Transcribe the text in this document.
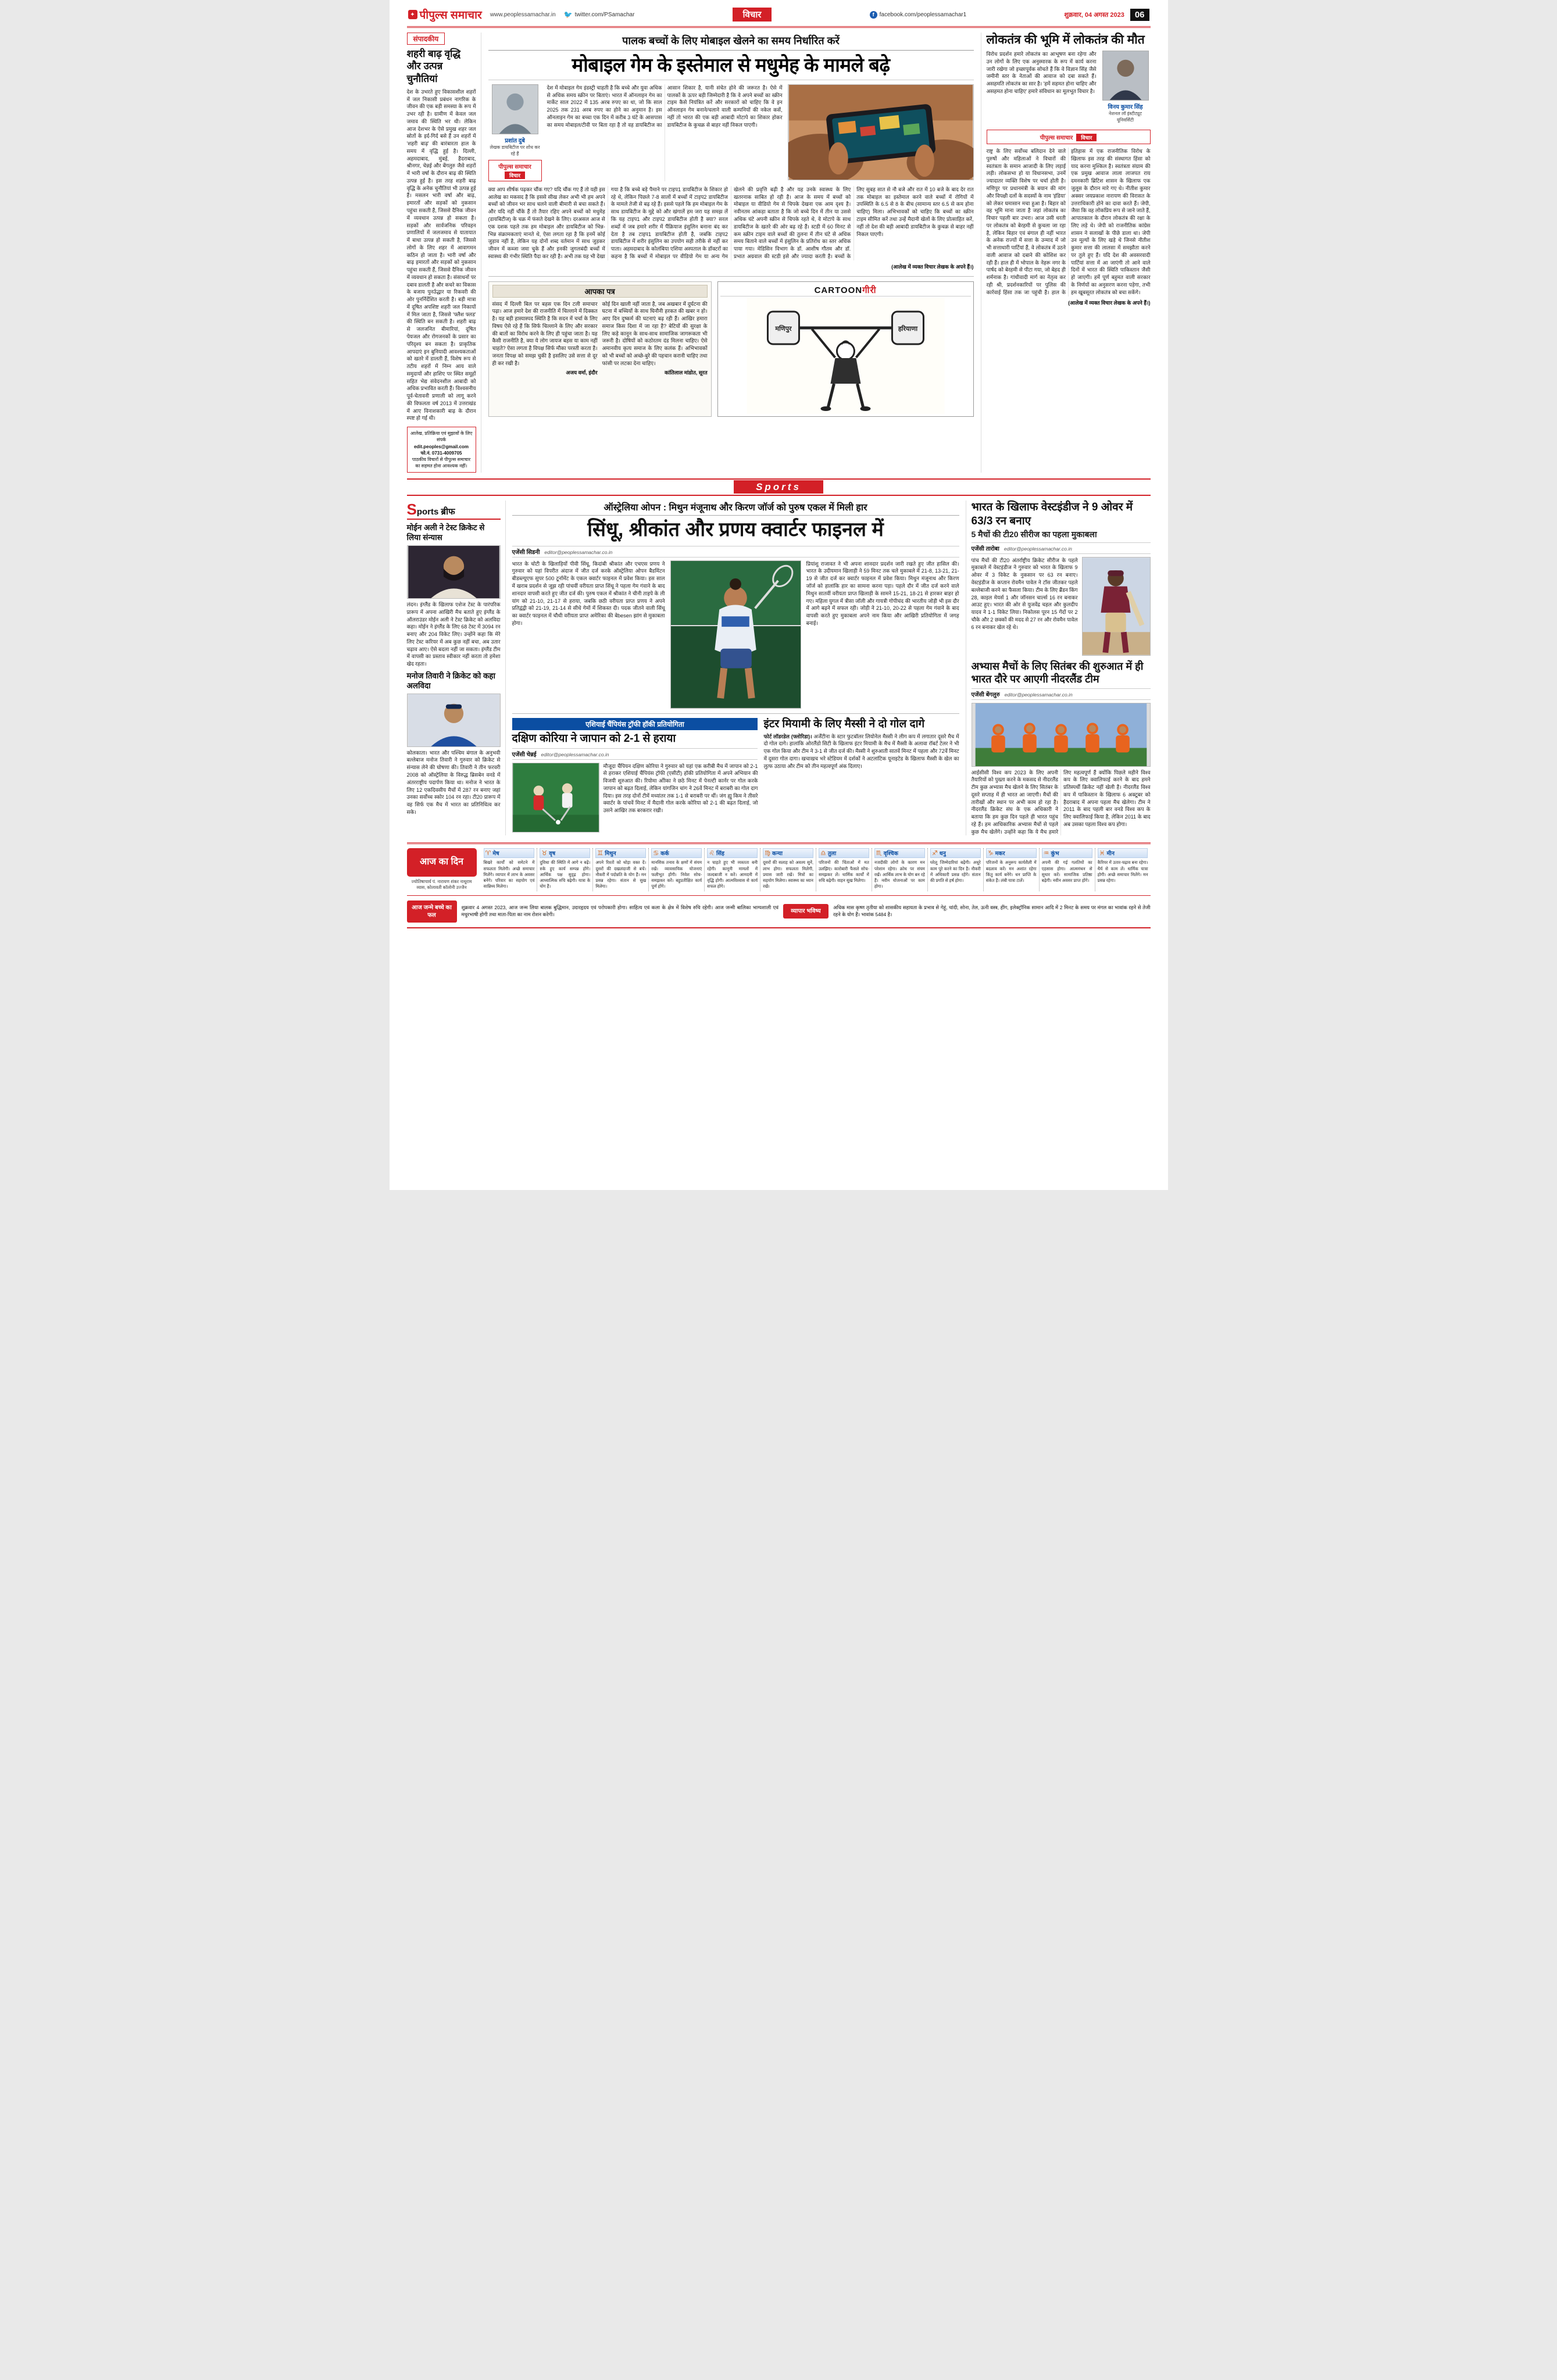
✦ पीपुल्स समाचार www.peoplessamachar.in 🐦 twitter.com/PSamachar	विचार	f facebook.com/peoplessamachar1	शुक्रवार, 04 अगस्त 2023	06
संपादकीय
शहरी बाढ़ वृद्धि और उत्पन्न चुनौतियां
देश के उभरते हुए विकासशील शहरों में जल निकासी प्रबंधन नागरिक के जीवन की एक बड़ी समस्या के रूप में उभर रही है। ग्रामीण में केवल जल जमाव की स्थिति भर थी। लेकिन आज देशभर के ऐसे प्रमुख शहर जल स्रोतों के इर्द-गिर्द बसे हैं उन शहरों में 'शहरी बाढ़' की बारंबारता हाल के समय में वृद्धि हुई है। दिल्ली, अहमदाबाद, मुंबई, हैदराबाद, श्रीनगर, चेन्नई और बेंगलुरु जैसे शहरों में भारी वर्षा के दौरान बाढ़ की स्थिति उत्पन्न हुई है। इस तरह शहरी बाढ़ वृद्धि के अनेक चुनौतियां भी उत्पन्न हुई हैं। मसलन भारी वर्षा और बाढ़, इमारतों और सड़कों को नुकसान पहुंचा सकती है, जिससे दैनिक जीवन में व्यवधान उत्पन्न हो सकता है। सड़कों और सार्वजनिक परिवहन प्रणालियों में जलजमाव से यातायात में बाधा उत्पन्न हो सकती है, जिससे लोगों के लिए शहर में आवागमन कठिन हो जाता है। भारी वर्षा और बाढ़ इमारतों और सड़कों को नुकसान पहुंचा सकती हैं, जिससे दैनिक जीवन में व्यवधान हो सकता है। संसाधनों पर दबाव डालती है और कचरे का विकास के बजाय पुनर्उद्धार या रिकवरी की ओर पुनर्निर्देशित करती है। बड़ी मात्रा में दूषित अपशिष्ट शहरी जल निकायों में मिल जाता है, जिससे 'फ्लैश फ्लड' की स्थिति बन सकती है। शहरी बाढ़ से जलजनित बीमारियां, दूषित पेयजल और रोगजनकों के प्रसार का परिदृश्य बन सकता है। प्राकृतिक आपदाएं इन बुनियादी आवश्यकताओं को खतरे में डालती हैं, विशेष रूप से तटीय शहरों में निम्न आय वाले समुदायों और हाशिए पर स्थित समूहों सहित भेद्य संवेदनशील आबादी को अधिक प्रभावित करती हैं। विश्वसनीय पूर्व-चेतावनी प्रणाली को लागू करने की विफलता वर्ष 2013 में उत्तराखंड में आए विनाशकारी बाढ़ के दौरान स्पष्ट हो गई थी।
आलेख, प्रतिक्रिया एवं सुझावों के लिए संपर्क
edit.peoples@gmail.com फो.नं. 0731-4009705
पाठकीय विचारों से पीपुल्स समाचार का सहमत होना आवश्यक नहीं।
पालक बच्चों के लिए मोबाइल खेलने का समय निर्धारित करें
मोबाइल गेम के इस्तेमाल से मधुमेह के मामले बढ़े
प्रशांत दुबे
लेखक डायबिटीज पर शोध कर रहे हैं
पीपुल्स समाचार
विचार
देश में मोबाइल गेम इंडस्ट्री चाहती है कि बच्चे और युवा अधिक से अधिक समय स्क्रीन पर बिताएं। भारत में ऑनलाइन गेम का मार्केट साल 2022 में 135 अरब रुपए का था, जो कि साल 2025 तक 231 अरब रुपए का होने का अनुमान है। इस ऑनलाइन गेम का बच्चा एक दिन में करीब 3 घंटे के आसपास का समय मोबाइल/टीवी पर बिता रहा है तो वह डायबिटीज का आसान शिकार है, यानी संचेत होने की जरूरत है। ऐसे में पालकों के ऊपर बड़ी जिम्मेदारी है कि वे अपने बच्चों का स्क्रीन टाइम कैसे नियंत्रित करें और सरकारों को चाहिए कि वे इन ऑनलाइन गेम बनाने/चलाने वाली कम्पनियों की नकेल कसें, नहीं तो भारत की एक बड़ी आबादी मोटापे का शिकार होकर डायबिटीज के कुचक्र से बाहर नहीं निकल पाएगी।
क्या आप शीर्षक पढ़कर चौंक गए? यदि चौंक गए हैं तो यही इस आलेख का मकसद है कि इससे सीख लेकर अभी भी हम अपने बच्चों को जीवन भर साथ चलने वाली बीमारी से बचा सकते हैं। और यदि नहीं चौंके हैं तो तैयार रहिए अपने बच्चों को मधुमेह (डायबिटीज) के चक्र में फंसते देखने के लिए। दरअसल आज से एक दशक पहले तक हम मोबाइल और डायबिटीज को भिन्न-भिन्न संक्रामकताएं मानते थे, ऐसा लगता रहा है कि इनमें कोई जुड़ाव नहीं है, लेकिन यह दोनों शब्द वर्तमान में साथ जुड़कर जीवन में कब्जा जमा चुके हैं और इनकी जुगलबंदी बच्चों में स्वास्थ्य की गंभीर स्थिति पैदा कर रही है। अभी तक यह भी देखा गया है कि बच्चे बड़े पैमाने पर टाइप1 डायबिटीज के शिकार हो रहे थे, लेकिन पिछले 7-8 सालों में बच्चों में टाइप2 डायबिटीज के मामले तेजी से बढ़ रहे हैं। इससे पहले कि हम मोबाइल गेम के साथ डायबिटीज के मुद्दे को और खंगालें हम जरा यह समझ लें कि यह टाइप1 और टाइप2 डायबिटीज होती है क्या? सरल शब्दों में जब हमारे शरीर में पैंक्रियाज इंसुलिन बनाना बंद कर देता है तब टाइप1 डायबिटीज होती है, जबकि टाइप2 डायबिटीज में शरीर इंसुलिन का उपयोग सही तरीके से नहीं कर पाता। अहमदाबाद के कोलंबिया एशिया अस्पताल के डॉक्टरों का कहना है कि बच्चों में मोबाइल पर वीडियो गेम या अन्य गेम खेलने की प्रवृत्ति बढ़ी है और यह उनके स्वास्थ्य के लिए खतरनाक साबित हो रही है। आज के समय में बच्चों को मोबाइल या वीडियो गेम से चिपके देखना एक आम दृश्य है। नवीनतम आंकड़ा बताता है कि जो बच्चे दिन में तीन या उससे अधिक घंटे अपनी स्क्रीन से चिपके रहते थे, वे मोटापे के साथ डायबिटीज के खतरे की ओर बढ़ रहे हैं। स्टडी में 60 मिनट से कम स्क्रीन टाइम वाले बच्चों की तुलना में तीन घंटे से अधिक समय बिताने वाले बच्चों में इंसुलिन के प्रतिरोध का स्तर अधिक पाया गया। मेडिसिन विभाग के डॉ. आशीष गौतम और डॉ. प्रभात अग्रवाल की स्टडी इसे और ज्यादा करती है। बच्चों के लिए सुबह सात से नौ बजे और रात में 10 बजे के बाद देर रात तक मोबाइल का इस्तेमाल करने वाले बच्चों में रोगियों में उपस्थिति के 6.5 से 8 के बीच (सामान्य स्तर 6.5 से कम होना चाहिए) मिला। अभिभावकों को चाहिए कि बच्चों का स्क्रीन टाइम सीमित करें तथा उन्हें मैदानी खेलों के लिए प्रोत्साहित करें, नहीं तो देश की बड़ी आबादी डायबिटीज के कुचक्र से बाहर नहीं निकल पाएगी।
(आलेख में व्यक्त विचार लेखक के अपने हैं।)
आपका पत्र

संसद में दिल्ली बिल पर बहस एक दिन टली समाचार पढ़ा। आज हमारे देश की राजनीति में चिल्लाने में दिक्कत है। यह बड़ी हास्यास्पद स्थिति है कि सदन में चर्चा के लिए विषय ऐसे रहे हैं कि सिर्फ चिल्लाने के लिए और सरकार की बातों का विरोध करने के लिए ही पहुंचा जाता है। यह कैसी राजनीति है, क्या ये लोग जायज बहस या काम नहीं चाहते? ऐसा लगता है विपक्ष सिर्फ मौका परस्ती करता है। जनता विपक्ष को समझ चुकी है इसलिए उसे सत्ता से दूर ही कर रखी है।

अजय वर्मा, इंदौर

कोई दिन खाली नहीं जाता है, जब अखबार में दुर्घटना की घटना में बच्चियों के साथ घिनौनी हरकत की खबर न हो। आए दिन दुष्कर्म की घटनाएं बढ़ रही हैं। आखिर हमारा समाज किस दिशा में जा रहा है? बेटियों की सुरक्षा के लिए कड़े कानून के साथ-साथ सामाजिक जागरूकता भी जरूरी है। दोषियों को कठोरतम दंड मिलना चाहिए। ऐसे अमानवीय कृत्य समाज के लिए कलंक हैं। अभिभावकों को भी बच्चों को अच्छे-बुरे की पहचान करानी चाहिए तथा फांसी पर लटका देना चाहिए।

कांतिलाल मांडोत, सूरत
CARTOONगीरी
मणिपुर	हरियाणा
लोकतंत्र की भूमि में लोकतंत्र की मौत

विरोध प्रदर्शन हमारे लोकतंत्र का आभूषण बना रहेगा और उन लोगों के लिए एक अनुस्मारक के रूप में कार्य करना जारी रखेगा जो इच्छापूर्वक सोचते हैं कि वे विज्ञान सिंह जैसे जमीनी स्तर के नेताओं की आवाज को दबा सकते हैं। असहमति लोकतंत्र का सार है। 'हमें सहमत होना चाहिए और असहमत होना चाहिए' हमारे संविधान का मूलभूत विचार है।

विनय कुमार सिंह
नेशनल लॉ इंस्टीट्यूट यूनिवर्सिटी
पीपुल्स समाचार	विचार
राष्ट्र के लिए सर्वोच्च बलिदान देने वाले पुरुषों और महिलाओं ने विचारों की स्वतंत्रता के समान आजादी के लिए लड़ाई लड़ी। लोकसभा हो या विधानसभा, उनमें ज्यादातर व्यक्ति विशेष पर चर्चा होती है। मणिपुर पर प्रधानमंत्री के बयान की मांग और विपक्षी दलों के सदस्यों के नाम 'इंडिया' को लेकर घमासान मचा हुआ है। बिहार को वह भूमि माना जाता है जहां लोकतंत्र का विचार पहली बार उभरा। आज उसी धरती पर लोकतंत्र को बेरहमी से कुचला जा रहा है, लेकिन बिहार एवं बंगाल ही नहीं भारत के अनेक राज्यों में सत्ता के उन्माद में जो भी सत्ताधारी पार्टियां हैं, वे लोकतंत्र में उठने वाली आवाज को दबाने की कोशिश कर रही हैं। हाल ही में भोपाल के नेहरू नगर के पार्षद को बेरहमी से पीटा गया, जो बेहद ही शर्मनाक है। गांधीवादी मार्ग का नेतृत्व कर रही श्री, प्रदर्शनकारियों पर पुलिस की कार्रवाई हिंसा तक जा पहुंची है। हाल के इतिहास में एक राजनीतिक विरोध के खिलाफ इस तरह की संस्थागत हिंसा को याद करना मुश्किल है। स्वतंत्रता संग्राम की एक प्रमुख आवाज लाला लाजपत राय दमनकारी ब्रिटिश शासन के खिलाफ एक जुलूस के दौरान मारे गए थे। नीतीश कुमार अक्सर जयप्रकाश नारायण की विरासत के उत्तराधिकारी होने का दावा करते हैं। जेपी, जैसा कि वह लोकप्रिय रूप से जाने जाते हैं, आपातकाल के दौरान लोकतंत्र की रक्षा के लिए लड़े थे। जेपी को राजनीतिक कांग्रेस शासन ने सलाखों के पीछे डाला था। जेपी उन मूल्यों के लिए खड़े थे जिनसे नीतीश कुमार सत्ता की लालसा में समझौता करने पर तुले हुए हैं। यदि देश की अवसरवादी पार्टियां सत्ता में आ जाएंगी तो आने वाले दिनों में भारत की स्थिति पाकिस्तान जैसी हो जाएगी। हमें पूर्ण बहुमत वाली सरकार के निर्णयों का अनुसरण करना पड़ेगा, तभी हम खूबसूरत लोकतंत्र को बचा सकेंगे।
(आलेख में व्यक्त विचार लेखक के अपने हैं।)
Sports
Sports ब्रीफ
मोईन अली ने टेस्ट क्रिकेट से लिया संन्यास

लंदन। इंग्लैंड के खिलाफ एशेज टेस्ट के पारंपरिक प्रारूप में अपना आखिरी मैच बताते हुए इंग्लैंड के ऑलराउंडर मोईन अली ने टेस्ट क्रिकेट को अलविदा कहा। मोईन ने इंग्लैंड के लिए 68 टेस्ट में 3094 रन बनाए और 204 विकेट लिए। उन्होंने कहा कि मेरे लिए टेस्ट करियर में अब कुछ नहीं बचा, अब उतार चढ़ाव आए। ऐसे बदला नहीं जा सकता। इंग्लैंड टीम में वापसी का प्रस्ताव स्वीकार नहीं करता तो हमेशा खेद रहता।

मनोज तिवारी ने क्रिकेट को कहा अलविदा

कोलकाता। भारत और पश्चिम बंगाल के अनुभवी बल्लेबाज मनोज तिवारी ने गुरुवार को क्रिकेट से संन्यास लेने की घोषणा की। तिवारी ने तीन फरवरी 2008 को ऑस्ट्रेलिया के विरुद्ध ब्रिसबेन वनडे में अंतरराष्ट्रीय पदार्पण किया था। मनोज ने भारत के लिए 12 एकदिवसीय मैचों में 287 रन बनाए जहां उनका सर्वोच्च स्कोर 104 रन रहा। टी20 प्रारूप में वह सिर्फ एक मैच में भारत का प्रतिनिधित्व कर सके।

ऑस्ट्रेलिया ओपन : मिथुन मंजूनाथ और किरण जॉर्ज को पुरुष एकल में मिली हार
सिंधू, श्रीकांत और प्रणय क्वार्टर फाइनल में
एजेंसी सिडनी editor@peoplessamachar.co.in

भारत के चोटी के खिलाड़ियों पीवी सिंधू, किदांबी श्रीकांत और एचएस प्रणय ने गुरुवार को यहां विपरीत अंदाज में जीत दर्ज करके ऑस्ट्रेलिया ओपन बैडमिंटन बीडब्ल्यूएफ सुपर 500 टूर्नामेंट के एकल क्वार्टर फाइनल में प्रवेश किया। इस साल में खराब प्रदर्शन से जूझ रही पांचवीं वरीयता प्राप्त सिंधू ने पहला गेम गंवाने के बाद शानदार वापसी करते हुए जीत दर्ज की। पुरुष एकल में श्रीकांत ने चीनी ताइपे के ली यांग को 21-10, 21-17 से हराया, जबकि छठी वरीयता प्राप्त प्रणय ने अपने प्रतिद्वंद्वी को 21-19, 21-14 से सीधे गेमों में शिकस्त दी। पदक जीतने वाली सिंधू का क्वार्टर फाइनल में चौथी वरीयता प्राप्त अमेरिका की बेbesen झांग से मुकाबला होगा।

प्रियांशु राजावत ने भी अपना शानदार प्रदर्शन जारी रखते हुए जीत हासिल की। भारत के उदीयमान खिलाड़ी ने 59 मिनट तक चले मुकाबले में 21-8, 13-21, 21-19 से जीत दर्ज कर क्वार्टर फाइनल में प्रवेश किया। मिथुन मंजूनाथ और किरण जॉर्ज को हालांकि हार का सामना करना पड़ा। पहले दौर में जीत दर्ज करने वाले मिथुन सातवीं वरीयता प्राप्त खिलाड़ी के सामने 15-21, 18-21 से हारकर बाहर हो गए। महिला युगल में त्रीसा जॉली और गायत्री गोपीचंद की भारतीय जोड़ी भी इस दौर में आगे बढ़ने में सफल रही। जोड़ी ने 21-10, 20-22 से पहला गेम गंवाने के बाद वापसी करते हुए मुकाबला अपने नाम किया और आखिरी प्रतियोगिता में जगह बनाई।

एशियाई चैंपियंस ट्रॉफी हॉकी प्रतियोगिता
दक्षिण कोरिया ने जापान को 2-1 से हराया
एजेंसी चेन्नई editor@peoplessamachar.co.in

मौजूदा चैंपियन दक्षिण कोरिया ने गुरुवार को यहां एक करीबी मैच में जापान को 2-1 से हराकर एशियाई चैंपियंस ट्रॉफी (एसीटी) हॉकी प्रतियोगिता में अपने अभियान की विजयी शुरुआत की। रियोमा ओोका ने छठे मिनट में पेनल्टी कार्नर पर गोल करके जापान को बढ़त दिलाई, लेकिन यांगजिन चांग ने 26वें मिनट में बराबरी का गोल दाग दिया। इस तरह दोनों टीमें मध्यांतर तक 1-1 से बराबरी पर थीं। जंग ह्यु किम ने तीसरे क्वार्टर के पांचवें मिनट में मैदानी गोल करके कोरिया को 2-1 की बढ़त दिलाई, जो उसने आखिर तक बरकरार रखी।

इंटर मियामी के लिए मैस्सी ने दो गोल दागे

फोर्ट लॉडरडेल (फ्लोरिडा)। अर्जेंटीना के स्टार फुटबॉलर लियोनेल मैस्सी ने लीग कप में लगातार दूसरे मैच में दो गोल दागे। हालांकि ओरलैंडो सिटी के खिलाफ इंटर मियामी के मैच में मैस्सी के अलावा रॉबर्ट टेलर ने भी एक गोल किया और टीम ने 3-1 से जीत दर्ज की। मैस्सी ने शुरुआती सातवें मिनट में पहला और 72वें मिनट में दूसरा गोल दागा। खचाखच भरे स्टेडियम में दर्शकों ने अटलांटिक यूनाइटेड के खिलाफ मैस्सी के खेल का लुत्फ उठाया और टीम को तीन महत्वपूर्ण अंक दिलाए।

भारत के खिलाफ वेस्टइंडीज ने 9 ओवर में 63/3 रन बनाए
5 मैचों की टी20 सीरीज का पहला मुकाबला
एजेंसी तारोबा editor@peoplessamachar.co.in

पांच मैचों की टी20 अंतर्राष्ट्रीय क्रिकेट सीरीज के पहले मुकाबले में वेस्टइंडीज ने गुरुवार को भारत के खिलाफ 9 ओवर में 3 विकेट के नुकसान पर 63 रन बनाए। वेस्टइंडीज के कप्तान रोवमैन पावेल ने टॉस जीतकर पहले बल्लेबाजी करने का फैसला किया। टीम के लिए ब्रैंडन किंग 28, काइल मेयर्स 1 और जॉनसन चार्ल्स 16 रन बनाकर आउट हुए। भारत की ओर से युजवेंद्र चहल और कुलदीप यादव ने 1-1 विकेट लिया। निकोलस पूरन 15 गेंदों पर 2 चौके और 2 छक्कों की मदद से 27 रन और रोवमैन पावेल 6 रन बनाकर खेल रहे थे।

अभ्यास मैचों के लिए सितंबर की शुरुआत में ही भारत दौरे पर आएगी नीदरलैंड टीम
एजेंसी बेंगलुरु editor@peoplessamachar.co.in

आईसीसी विश्व कप 2023 के लिए अपनी तैयारियों को पुख्ता करने के मकसद से नीदरलैंड टीम कुछ अभ्यास मैच खेलने के लिए सितंबर के दूसरे सप्ताह में ही भारत आ जाएगी। मैचों की तारीखों और स्थान पर अभी काम हो रहा है। नीदरलैंड क्रिकेट संघ के एक अधिकारी ने बताया कि हम कुछ दिन पहले ही भारत पहुंच रहे हैं। हम आधिकारिक अभ्यास मैचों से पहले कुछ मैच खेलेंगे। उन्होंने कहा कि ये मैच हमारे लिए महत्वपूर्ण हैं क्योंकि पिछले महीने विश्व कप के लिए क्वालिफाई करने के बाद हमने प्रतिस्पर्धी क्रिकेट नहीं खेली है। नीदरलैंड विश्व कप में पाकिस्तान के खिलाफ 6 अक्टूबर को हैदराबाद में अपना पहला मैच खेलेगा। टीम ने 2011 के बाद पहली बार वनडे विश्व कप के लिए क्वालिफाई किया है, लेकिन 2011 के बाद अब उसका पहला विश्व कप होगा।

आज का दिन
ज्योतिषाचार्य पं. नारायण शंकर नाथूराम व्यास, कोलावती कॉलोनी उज्जैन
♈ मेष

बिखरे कार्यों को समेटने में सफलता मिलेगी। अच्छे समाचार मिलेंगे। व्यापार में लाभ के अवसर बनेंगे। परिवार का सहयोग एवं सान्निध्य मिलेगा।

♉ वृष

दुविधा की स्थिति में आगे न बढ़ें। रुके हुए कार्य सम्पन्न होंगे। आर्थिक पक्ष सुदृढ़ होगा। आध्यात्मिक रुचि बढ़ेगी। यात्रा के योग हैं।

♊ मिथुन

अपने रिश्तों को थोड़ा वक्त दें। दूसरों की दखलंदाजी से बचें। नौकरी में पदोन्नति के योग हैं। मन प्रसन्न रहेगा। संतान से सुख मिलेगा।

♋ कर्क

मानसिक तनाव के क्षणों में संयम रखें। व्यावसायिक योजनाएं फलीभूत होंगी। निवेश सोच-समझकर करें। बहुप्रतीक्षित कार्य पूर्ण होंगे।

♌ सिंह

न चाहते हुए भी व्यस्तता बनी रहेगी। कानूनी मामलों में जल्दबाजी न करें। आमदनी में वृद्धि होगी। आत्मविश्वास से कार्य सफल होंगे।

♍ कन्या

दूसरों की सलाह को अवश्य सुनें, लाभ होगा। सफलता मिलेगी, प्रयास जारी रखें। मित्रों का सहयोग मिलेगा। स्वास्थ्य का ध्यान रखें।

♎ तुला

परिजनों की चिंताओं में मत उलझिए। कारोबारी फैसले सोच-समझकर लें। धार्मिक कार्यों में रुचि बढ़ेगी। वाहन सुख मिलेगा।

♏ वृश्चिक

नजदीकी लोगों के कारण मन परेशान रहेगा। क्रोध पर संयम रखें। आर्थिक लाभ के योग बन रहे हैं। नवीन योजनाओं पर काम होगा।

♐ धनु

घरेलू जिम्मेदारियां बढ़ेंगी। अधूरे काम पूरे करने का दिन है। नौकरी में अधिकारी प्रसन्न रहेंगे। संतान की प्रगति से हर्ष होगा।

♑ मकर

परिजनों के अनुरूप कार्यशैली में बदलाव करें। मन अशांत रहेगा किंतु कार्य बनेंगे। धन प्राप्ति के संकेत हैं। लंबी यात्रा टालें।

♒ कुंभ

अपनी की गई गलतियों का एहसास होगा। आत्ममंथन से सुधार करें। सामाजिक प्रतिष्ठा बढ़ेगी। नवीन अवसर प्राप्त होंगे।

♓ मीन

कैरियर में उतार-चढ़ाव बना रहेगा। धैर्य से काम लें। धार्मिक यात्रा होगी। अच्छे समाचार मिलेंगे। मन प्रसन्न रहेगा।

आज जन्मे बच्चे का फल

शुक्रवार 4 अगस्त 2023, आज जन्म लिया बालक बुद्धिमान, उदारहृदय एवं परोपकारी होगा। साहित्य एवं कला के क्षेत्र में विशेष रुचि रहेगी। आज जन्मी बालिका भाग्यशाली एवं मधुरभाषी होगी तथा माता-पिता का नाम रोशन करेगी।	व्यापार भविष्य

अधिक मास कृष्ण तृतीया को शासकीय सहायता के प्रभाव से गेहूं, चांदी, सोना, तेल, ऊनी वस्त्र, हींग, इलेक्ट्रॉनिक सामान आदि में 2 मिनट के समय पर मंगल का भावांक रहने से तेजी रहने के योग हैं। भावांक 5484 है।
